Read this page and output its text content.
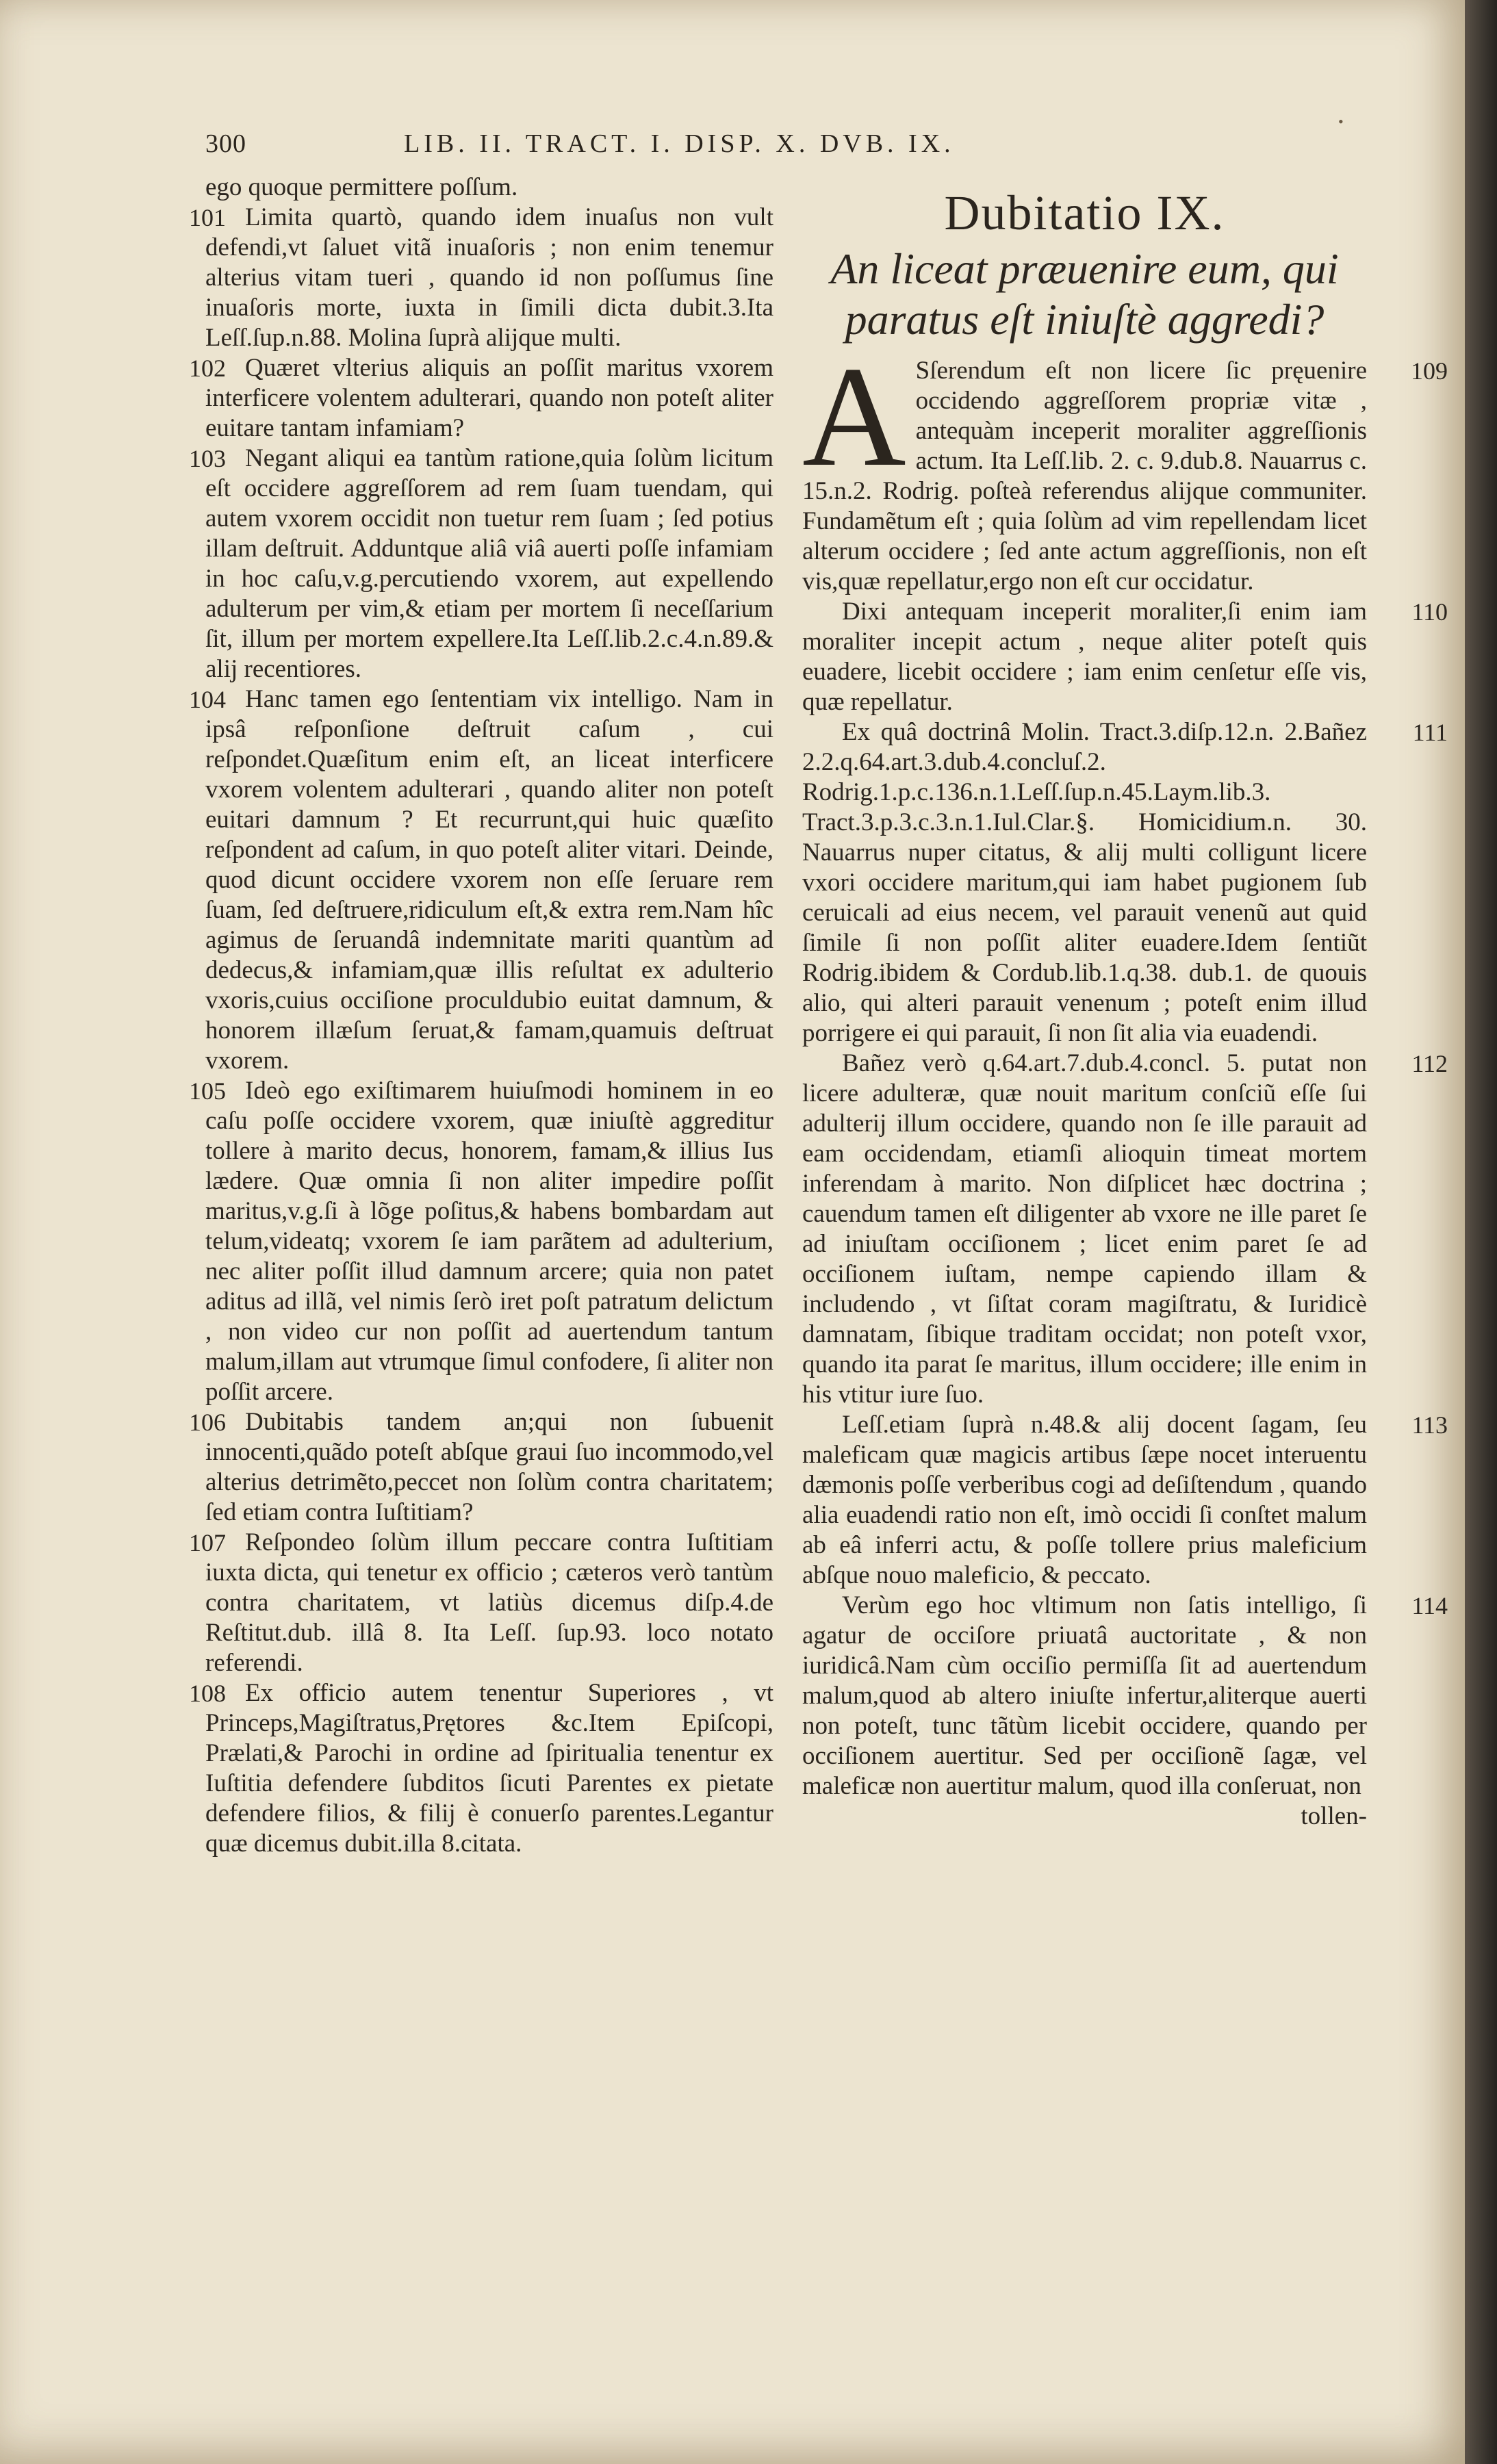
300	LIB. II. TRACT. I. DISP. X. DVB. IX.

ego quoque permittere poſſum.

101 Limita quartò, quando idem inuaſus non vult defendi,vt ſaluet vitã inuaſoris ; non enim tenemur alterius vitam tueri , quando id non poſſumus ſine inuaſoris morte, iuxta in ſimili dicta dubit.3.Ita Leſſ.ſup.n.88. Molina ſuprà alijque multi.

102 Quæret vlterius aliquis an poſſit maritus vxorem interficere volentem adulterari, quando non poteſt aliter euitare tantam infamiam?

103 Negant aliqui ea tantùm ratione,quia ſolùm licitum eſt occidere aggreſſorem ad rem ſuam tuendam, qui autem vxorem occidit non tuetur rem ſuam ; ſed potius illam deſtruit. Adduntque aliâ viâ auerti poſſe infamiam in hoc caſu,v.g.percutiendo vxorem, aut expellendo adulterum per vim,& etiam per mortem ſi neceſſarium ſit, illum per mortem expellere.Ita Leſſ.lib.2.c.4.n.89.& alij recentiores.

104 Hanc tamen ego ſententiam vix intelligo. Nam in ipsâ reſponſione deſtruit caſum , cui reſpondet.Quæſitum enim eſt, an liceat interficere vxorem volentem adulterari , quando aliter non poteſt euitari damnum ? Et recurrunt,qui huic quæſito reſpondent ad caſum, in quo poteſt aliter vitari. Deinde, quod dicunt occidere vxorem non eſſe ſeruare rem ſuam, ſed deſtruere,ridiculum eſt,& extra rem.Nam hîc agimus de ſeruandâ indemnitate mariti quantùm ad dedecus,& infamiam,quæ illis reſultat ex adulterio vxoris,cuius occiſione proculdubio euitat damnum, & honorem illæſum ſeruat,& famam,quamuis deſtruat vxorem.

105 Ideò ego exiſtimarem huiuſmodi hominem in eo caſu poſſe occidere vxorem, quæ iniuſtè aggreditur tollere à marito decus, honorem, famam,& illius Ius lædere. Quæ omnia ſi non aliter impedire poſſit maritus,v.g.ſi à lõge poſitus,& habens bombardam aut telum,videatq; vxorem ſe iam parãtem ad adulterium, nec aliter poſſit illud damnum arcere; quia non patet aditus ad illã, vel nimis ſerò iret poſt patratum delictum , non video cur non poſſit ad auertendum tantum malum,illam aut vtrumque ſimul confodere, ſi aliter non poſſit arcere.

106 Dubitabis tandem an;qui non ſubuenit innocenti,quãdo poteſt abſque graui ſuo incommodo,vel alterius detrimẽto,peccet non ſolùm contra charitatem; ſed etiam contra Iuſtitiam?

107 Reſpondeo ſolùm illum peccare contra Iuſtitiam iuxta dicta, qui tenetur ex officio ; cæteros verò tantùm contra charitatem, vt latiùs dicemus diſp.4.de Reſtitut.dub. illâ 8. Ita Leſſ. ſup.93. loco notato referendi.

108 Ex officio autem tenentur Superiores , vt Princeps,Magiſtratus,Prętores &c.Item Epiſcopi, Prælati,& Parochi in ordine ad ſpiritualia tenentur ex Iuſtitia defendere ſubditos ſicuti Parentes ex pietate defendere filios, & filij è conuerſo parentes.Legantur quæ dicemus dubit.illa 8.citata.

Dubitatio IX.
An liceat præuenire eum, qui paratus eſt iniuſtè aggredi?

109
A Sſerendum eſt non licere ſic pręuenire occidendo aggreſſorem propriæ vitæ , antequàm inceperit moraliter aggreſſionis actum. Ita Leſſ.lib. 2. c. 9.dub.8. Nauarrus c. 15.n.2. Rodrig. poſteà referendus alijque communiter. Fundamẽtum eſt ; quia ſolùm ad vim repellendam licet alterum occidere ; ſed ante actum aggreſſionis, non eſt vis,quæ repellatur,ergo non eſt cur occidatur.

110
Dixi antequam inceperit moraliter,ſi enim iam moraliter incepit actum , neque aliter poteſt quis euadere, licebit occidere ; iam enim cenſetur eſſe vis, quæ repellatur.

111
Ex quâ doctrinâ Molin. Tract.3.diſp.12.n. 2.Bañez 2.2.q.64.art.3.dub.4.concluſ.2. Rodrig.1.p.c.136.n.1.Leſſ.ſup.n.45.Laym.lib.3. Tract.3.p.3.c.3.n.1.Iul.Clar.§. Homicidium.n. 30. Nauarrus nuper citatus, & alij multi colligunt licere vxori occidere maritum,qui iam habet pugionem ſub ceruicali ad eius necem, vel parauit venenũ aut quid ſimile ſi non poſſit aliter euadere.Idem ſentiũt Rodrig.ibidem & Cordub.lib.1.q.38. dub.1. de quouis alio, qui alteri parauit venenum ; poteſt enim illud porrigere ei qui parauit, ſi non ſit alia via euadendi.

112
Bañez verò q.64.art.7.dub.4.concl. 5. putat non licere adulteræ, quæ nouit maritum conſciũ eſſe ſui adulterij illum occidere, quando non ſe ille parauit ad eam occidendam, etiamſi alioquin timeat mortem inferendam à marito. Non diſplicet hæc doctrina ; cauendum tamen eſt diligenter ab vxore ne ille paret ſe ad iniuſtam occiſionem ; licet enim paret ſe ad occiſionem iuſtam, nempe capiendo illam & includendo , vt ſiſtat coram magiſtratu, & Iuridicè damnatam, ſibique traditam occidat; non poteſt vxor, quando ita parat ſe maritus, illum occidere; ille enim in his vtitur iure ſuo.

113
Leſſ.etiam ſuprà n.48.& alij docent ſagam, ſeu maleficam quæ magicis artibus ſæpe nocet interuentu dæmonis poſſe verberibus cogi ad deſiſtendum , quando alia euadendi ratio non eſt, imò occidi ſi conſtet malum ab eâ inferri actu, & poſſe tollere prius maleficium abſque nouo maleficio, & peccato.

114
Verùm ego hoc vltimum non ſatis intelligo, ſi agatur de occiſore priuatâ auctoritate , & non iuridicâ.Nam cùm occiſio permiſſa ſit ad auertendum malum,quod ab altero iniuſte infertur,aliterque auerti non poteſt, tunc tãtùm licebit occidere, quando per occiſionem auertitur. Sed per occiſionẽ ſagæ, vel maleficæ non auertitur malum, quod illa conſeruat, non

tollen-

•
